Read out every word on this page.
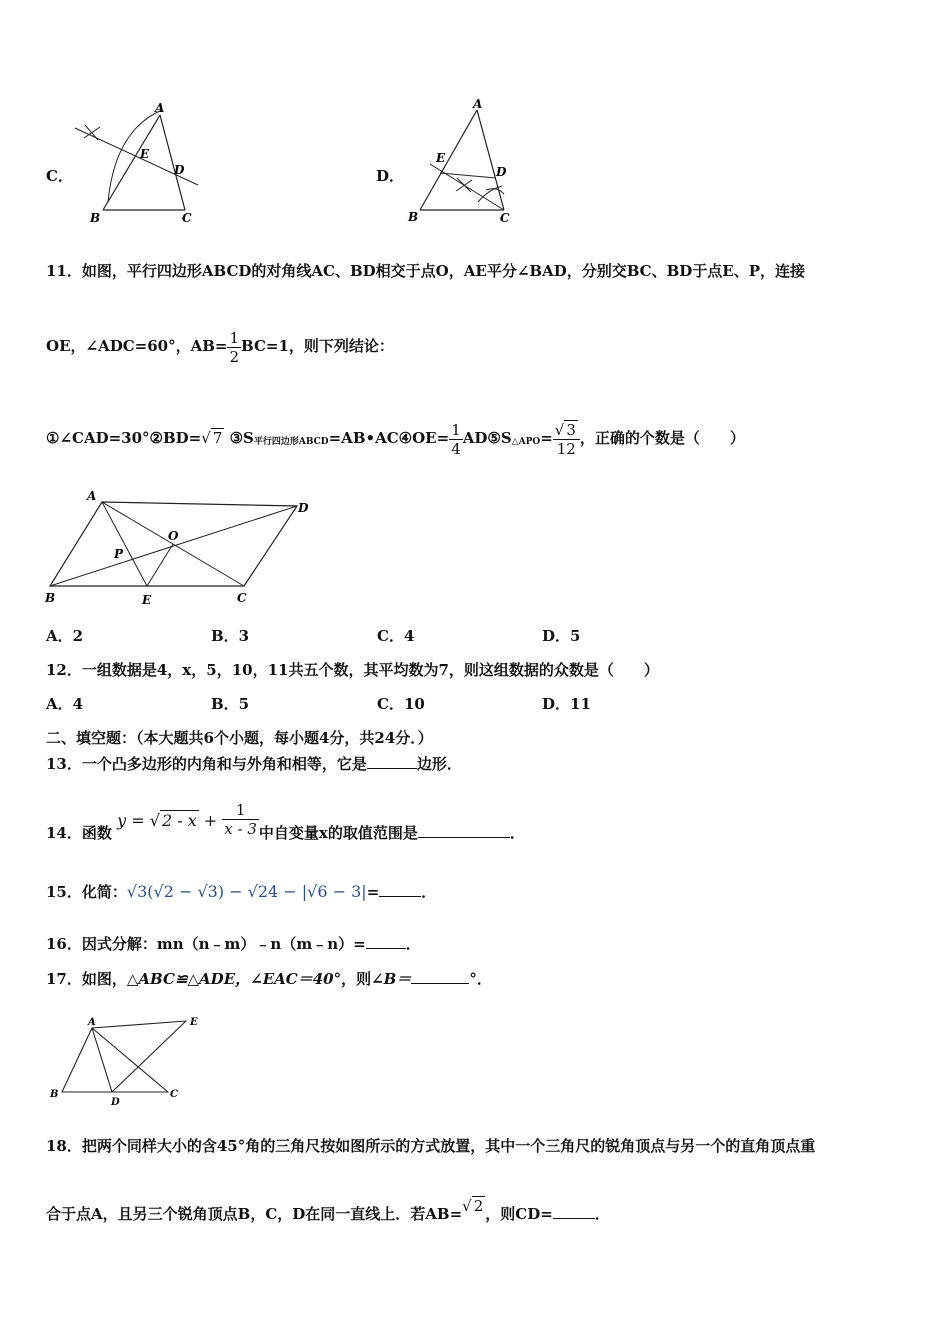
C．
A
B	C
D
E
D．
A
B	C
D
E
11．如图，平行四边形ABCD的对角线AC、BD相交于点O，AE平分∠BAD，分别交BC、BD于点E、P，连接
OE，∠ADC=60°，$AB= \frac{1}{2} BC=1$，则下列结论：
①∠CAD=30°②BD=√ 7 ③S平行四边形ABCD=AB•AC④OE= $\frac{1}{4}$ AD⑤S△APO= $\frac{√ 3}{12}$ ，正确的个数是（　　）
A
B	C
D
E
O
P
A．2	B．3	C．4	D．5
12．一组数据是4，x，5，10，11共五个数，其平均数为7，则这组数据的众数是（　　）
A．4	B．5	C．10	D．11
二、填空题：（本大题共6个小题，每小题4分，共24分．）
13．一个凸多边形的内角和与外角和相等，它是	边形．
14．函数 y = √ $2 - x + \frac{1}{x - 3}$ 中自变量x的取值范围是	．
15．化简：√3(√2 − √3) − √24 − |√6 − 3|=	．
16．因式分解：mn（n﹣m）﹣n（m﹣n）=	．
17．如图，△ABC≌△ADE，∠EAC＝40°，则∠B＝	°．
A
B	C
D
E
18．把两个同样大小的含45°角的三角尺按如图所示的方式放置，其中一个三角尺的锐角顶点与另一个的直角顶点重
合于点A，且另三个锐角顶点B，C，D在同一直线上．若AB=√ 2 ，则CD=	．
